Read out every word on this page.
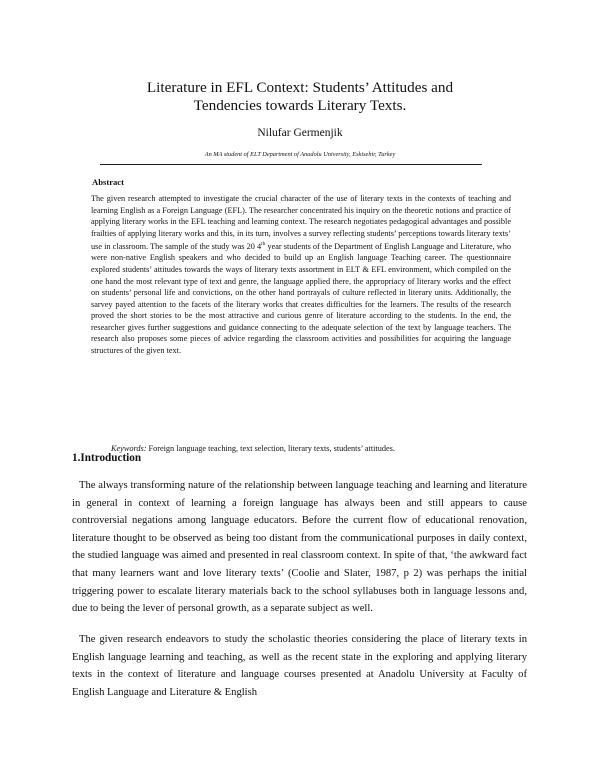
Literature in EFL Context: Students’ Attitudes and
Tendencies towards Literary Texts.

Nilufar Germenjik

An MA student of ELT Department of Anadolu University, Eskisehir, Turkey

Abstract

The given research attempted to investigate the crucial character of the use of literary texts in the contexts of teaching and learning English as a Foreign Language (EFL). The researcher concentrated his inquiry on the theoretic notions and practice of applying literary works in the EFL teaching and learning context. The research negotiates pedagogical advantages and possible frailties of applying literary works and this, in its turn, involves a survey reflecting students’ perceptions towards literary texts’ use in classroom. The sample of the study was 20 4th year students of the Department of English Language and Literature, who were non-native English speakers and who decided to build up an English language Teaching career. The questionnaire explored students’ attitudes towards the ways of literary texts assortment in ELT & EFL environment, which compiled on the one hand the most relevant type of text and genre, the language applied there, the appropriacy of literary works and the effect on students’ personal life and convictions, on the other hand portrayals of culture reflected in literary units. Additionally, the sarvey payed attention to the facets of the literary works that creates difficulties for the learners. The results of the research proved the short stories to be the most attractive and curious genre of literature according to the students. In the end, the researcher gives further suggestions and guidance connecting to the adequate selection of the text by language teachers. The research also proposes some pieces of advice regarding the classroom activities and possibilities for acquiring the language structures of the given text.

Keywords: Foreign language teaching, text selection, literary texts, students’ attitudes.

1.Introduction

The always transforming nature of the relationship between language teaching and learning and literature in general in context of learning a foreign language has always been and still appears to cause controversial negations among language educators. Before the current flow of educational renovation, literature thought to be observed as being too distant from the communicational purposes in daily context, the studied language was aimed and presented in real classroom context. In spite of that, ‘the awkward fact that many learners want and love literary texts’ (Coolie and Slater, 1987, p 2) was perhaps the initial triggering power to escalate literary materials back to the school syllabuses both in language lessons and, due to being the lever of personal growth, as a separate subject as well.

The given research endeavors to study the scholastic theories considering the place of literary texts in English language learning and teaching, as well as the recent state in the exploring and applying literary texts in the context of literature and language courses presented at Anadolu University at Faculty of English Language and Literature & English
